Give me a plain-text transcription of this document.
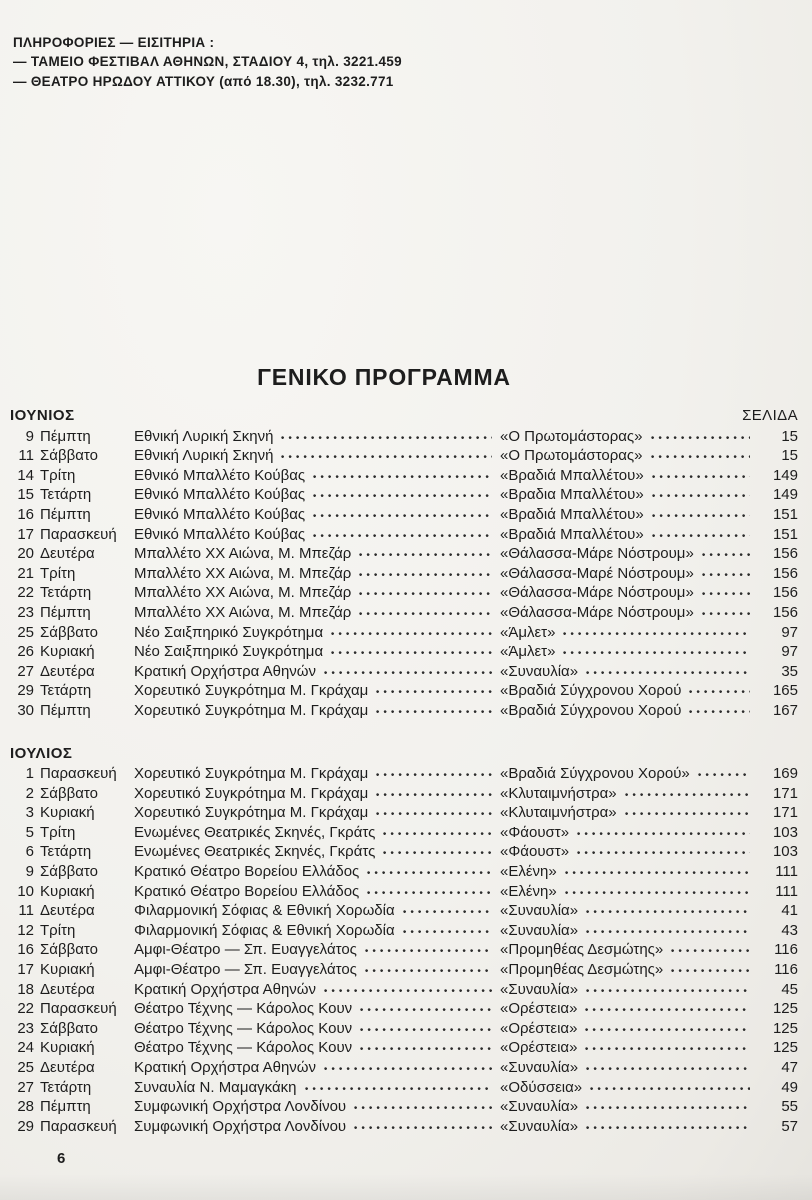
ΠΛΗΡΟΦΟΡΙΕΣ — ΕΙΣΙΤΗΡΙΑ :
— ΤΑΜΕΙΟ ΦΕΣΤΙΒΑΛ ΑΘΗΝΩΝ, ΣΤΑΔΙΟΥ 4, τηλ. 3221.459
— ΘΕΑΤΡΟ ΗΡΩΔΟΥ ΑΤΤΙΚΟΥ (από 18.30), τηλ. 3232.771
ΓΕΝΙΚΟ ΠΡΟΓΡΑΜΜΑ
ΙΟΥΝΙΟΣ	ΣΕΛΙΔΑ
9 Πέμπτη	Εθνική Λυρική Σκηνή	«Ο Πρωτομάστορας»	15
11 Σάββατο	Εθνική Λυρική Σκηνή	«Ο Πρωτομάστορας»	15
14 Τρίτη	Εθνικό Μπαλλέτο Κούβας	«Βραδιά Μπαλλέτου»	149
15 Τετάρτη	Εθνικό Μπαλλέτο Κούβας	«Βραδια Μπαλλέτου»	149
16 Πέμπτη	Εθνικό Μπαλλέτο Κούβας	«Βραδιά Μπαλλέτου»	151
17 Παρασκευή	Εθνικό Μπαλλέτο Κούβας	«Βραδιά Μπαλλέτου»	151
20 Δευτέρα	Μπαλλέτο ΧΧ Αιώνα, Μ. Μπεζάρ	«Θάλασσα-Μάρε Νόστρουμ»	156
21 Τρίτη	Μπαλλέτο ΧΧ Αιώνα, Μ. Μπεζάρ	«Θάλασσα-Μαρέ Νόστρουμ»	156
22 Τετάρτη	Μπαλλέτο ΧΧ Αιώνα, Μ. Μπεζάρ	«Θάλασσα-Μάρε Νόστρουμ»	156
23 Πέμπτη	Μπαλλέτο ΧΧ Αιώνα, Μ. Μπεζάρ	«Θάλασσα-Μάρε Νόστρουμ»	156
25 Σάββατο	Νέο Σαιξπηρικό Συγκρότημα	«Άμλετ»	97
26 Κυριακή	Νέο Σαιξπηρικό Συγκρότημα	«Άμλετ»	97
27 Δευτέρα	Κρατική Ορχήστρα Αθηνών	«Συναυλία»	35
29 Τετάρτη	Χορευτικό Συγκρότημα Μ. Γκράχαμ	«Βραδιά Σύγχρονου Χορού	165
30 Πέμπτη	Χορευτικό Συγκρότημα Μ. Γκράχαμ	«Βραδιά Σύγχρονου Χορού	167
ΙΟΥΛΙΟΣ
1 Παρασκευή	Χορευτικό Συγκρότημα Μ. Γκράχαμ	«Βραδιά Σύγχρονου Χορού»	169
2 Σάββατο	Χορευτικό Συγκρότημα Μ. Γκράχαμ	«Κλυταιμνήστρα»	171
3 Κυριακή	Χορευτικό Συγκρότημα Μ. Γκράχαμ	«Κλυταιμνήστρα»	171
5 Τρίτη	Ενωμένες Θεατρικές Σκηνές, Γκράτς	«Φάουστ»	103
6 Τετάρτη	Ενωμένες Θεατρικές Σκηνές, Γκράτς	«Φάουστ»	103
9 Σάββατο	Κρατικό Θέατρο Βορείου Ελλάδος	«Ελένη»	111
10 Κυριακή	Κρατικό Θέατρο Βορείου Ελλάδος	«Ελένη»	111
11 Δευτέρα	Φιλαρμονική Σόφιας & Εθνική Χορωδία	«Συναυλία»	41
12 Τρίτη	Φιλαρμονική Σόφιας & Εθνική Χορωδία	«Συναυλία»	43
16 Σάββατο	Αμφι-Θέατρο — Σπ. Ευαγγελάτος	«Προμηθέας Δεσμώτης»	116
17 Κυριακή	Αμφι-Θέατρο — Σπ. Ευαγγελάτος	«Προμηθέας Δεσμώτης»	116
18 Δευτέρα	Κρατική Ορχήστρα Αθηνών	«Συναυλία»	45
22 Παρασκευή	Θέατρο Τέχνης — Κάρολος Κουν	«Ορέστεια»	125
23 Σάββατο	Θέατρο Τέχνης — Κάρολος Κουν	«Ορέστεια»	125
24 Κυριακή	Θέατρο Τέχνης — Κάρολος Κουν	«Ορέστεια»	125
25 Δευτέρα	Κρατική Ορχήστρα Αθηνών	«Συναυλία»	47
27 Τετάρτη	Συναυλία Ν. Μαμαγκάκη	«Οδύσσεια»	49
28 Πέμπτη	Συμφωνική Ορχήστρα Λονδίνου	«Συναυλία»	55
29 Παρασκευή	Συμφωνική Ορχήστρα Λονδίνου	«Συναυλία»	57
6
